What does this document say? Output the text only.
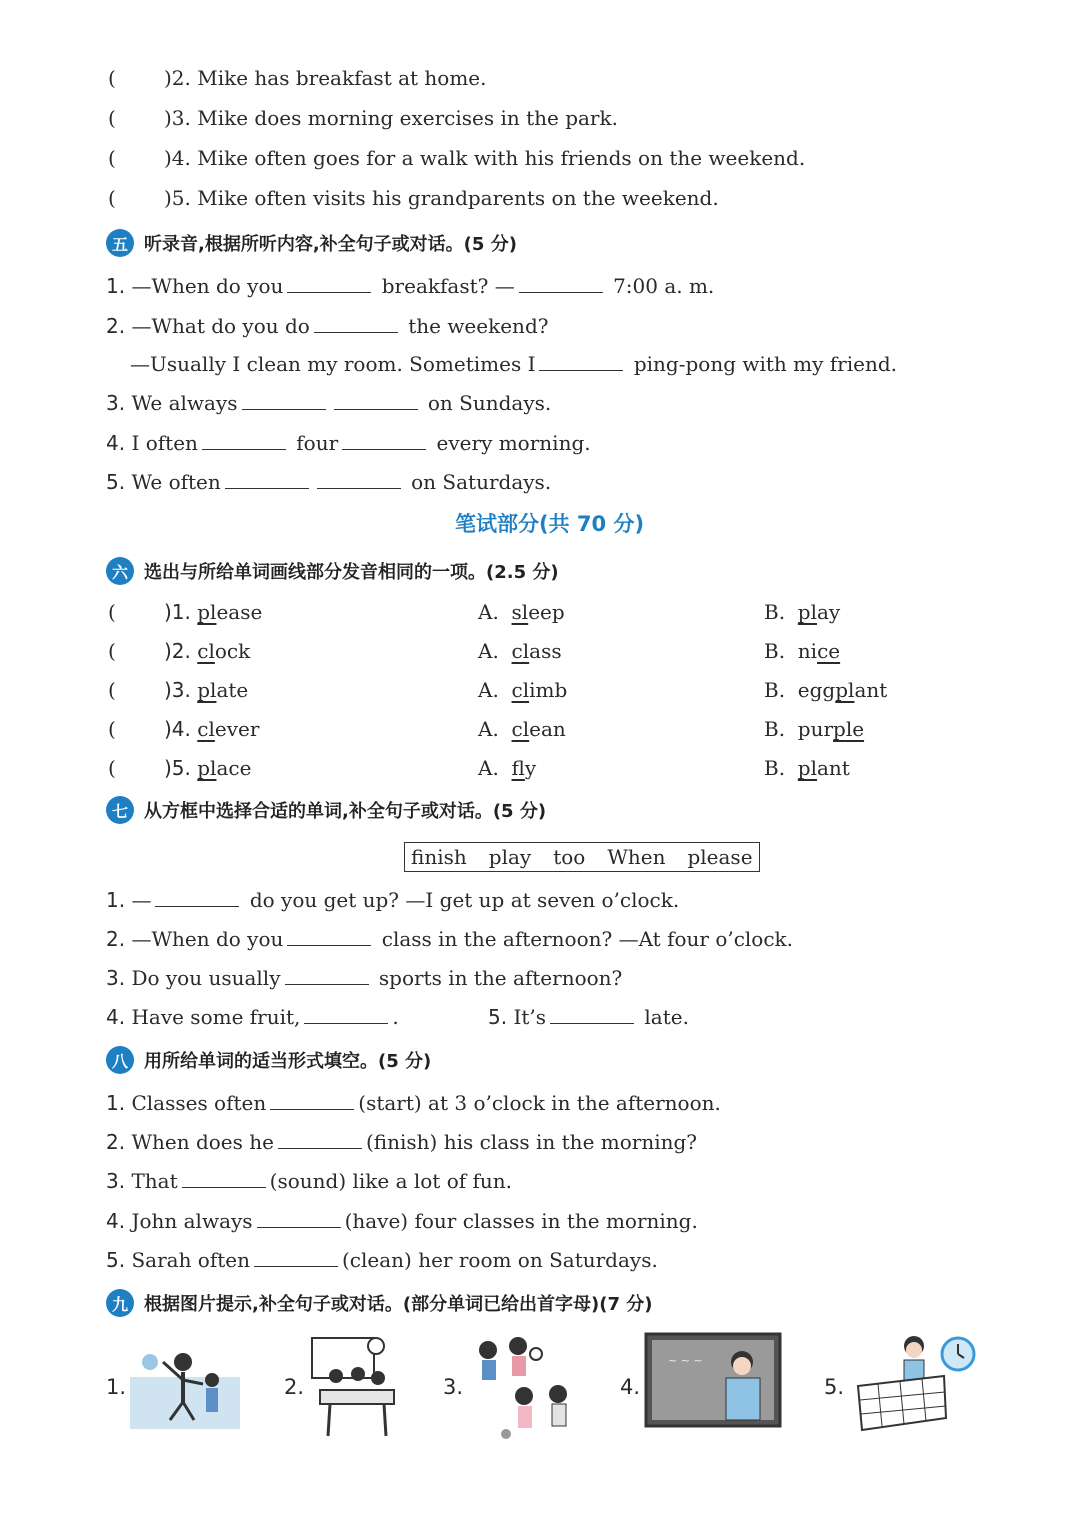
( )2. Mike has breakfast at home.
( )3. Mike does morning exercises in the park.
( )4. Mike often goes for a walk with his friends on the weekend.
( )5. Mike often visits his grandparents on the weekend.
五 听录音,根据所听内容,补全句子或对话。(5 分)
1. —When do you	breakfast? —	7:00 a. m.
2. —What do you do	the weekend?
—Usually I clean my room. Sometimes I	ping-pong with my friend.
3. We always	on Sundays.
4. I often	four	every morning.
5. We often	on Saturdays.
笔试部分(共 70 分)
六 选出与所给单词画线部分发音相同的一项。(2.5 分)
( )1. please	A. sleep	B. play
( )2. clock	A. class	B. nice
( )3. plate	A. climb	B. eggplant
( )4. clever	A. clean	B. purple
( )5. place	A. fly	B. plant
七 从方框中选择合适的单词,补全句子或对话。(5 分)
finish play too When please
1. —	do you get up? —I get up at seven o’clock.
2. —When do you	class in the afternoon? —At four o’clock.
3. Do you usually	sports in the afternoon?
4. Have some fruit,	.	5. It’s	late.
八 用所给单词的适当形式填空。(5 分)
1. Classes often	(start) at 3 o’clock in the afternoon.
2. When does he	(finish) his class in the morning?
3. That	(sound) like a lot of fun.
4. John always	(have) four classes in the morning.
5. Sarah often	(clean) her room on Saturdays.
九 根据图片提示,补全句子或对话。(部分单词已给出首字母)(7 分)
1.	2.	3.	4.
~ ~ ~
5.
